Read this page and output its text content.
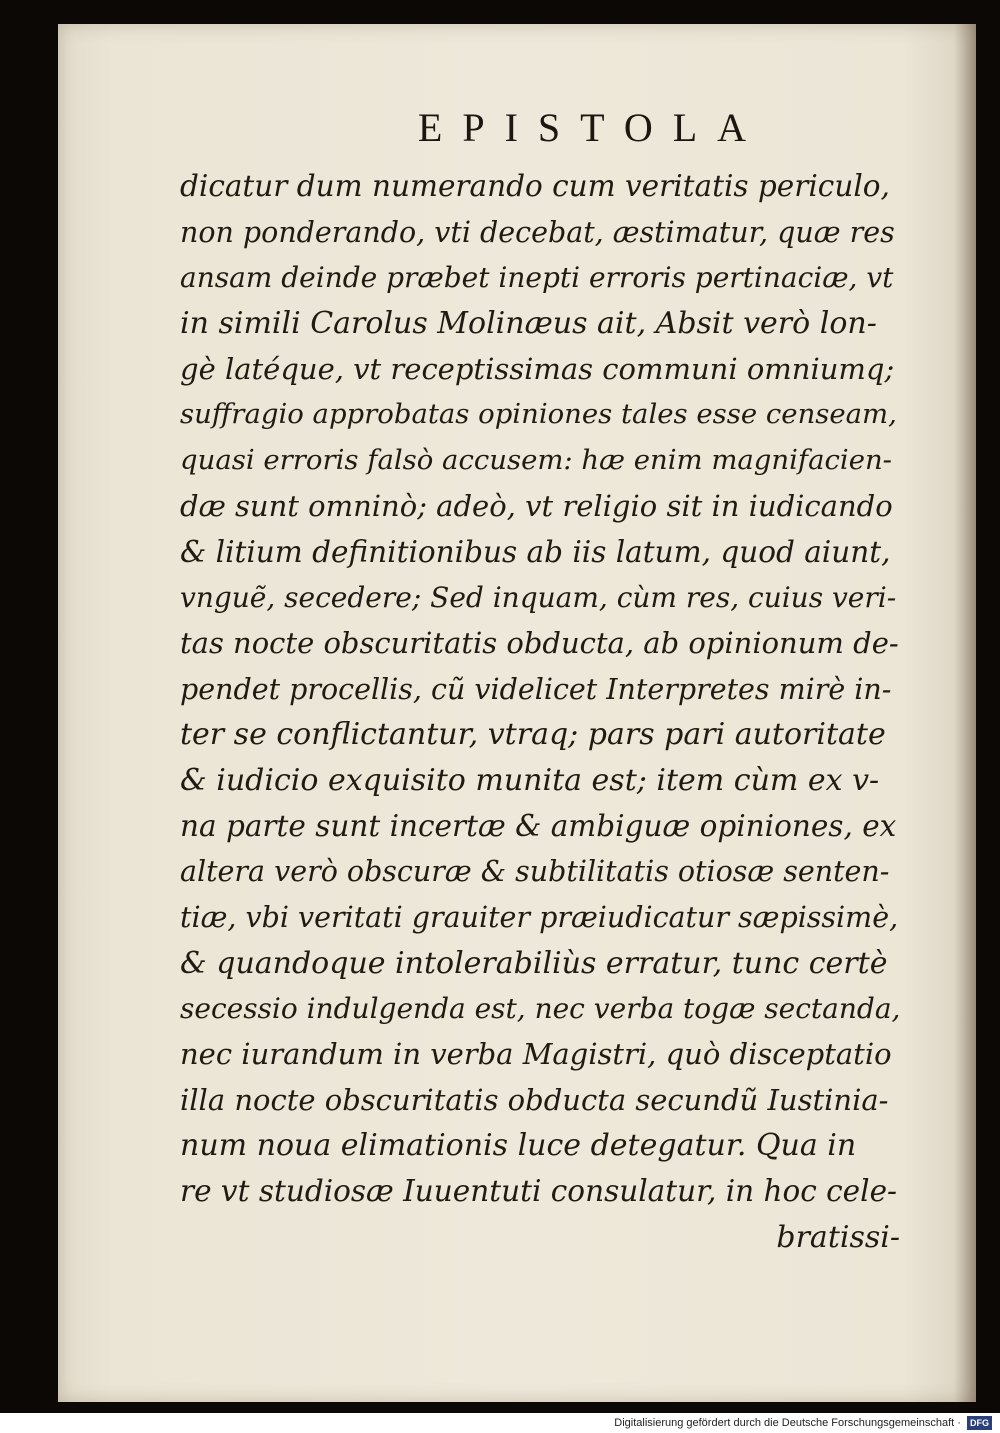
EPISTOLA
dicatur dum numerando cum veritatis periculo,
non ponderando, vti decebat, æstimatur, quæ res
ansam deinde præbet inepti erroris pertinaciæ, vt
in simili Carolus Molinæus ait, Absit verò lon-
gè latéque, vt receptissimas communi omniumq;
suffragio approbatas opiniones tales esse censeam,
quasi erroris falsò accusem: hæ enim magnifacien-
dæ sunt omninò; adeò, vt religio sit in iudicando
& litium definitionibus ab iis latum, quod aiunt,
vnguẽ, secedere; Sed inquam, cùm res, cuius veri-
tas nocte obscuritatis obducta, ab opinionum de-
pendet procellis, cũ videlicet Interpretes mirè in-
ter se conflictantur, vtraq; pars pari autoritate
& iudicio exquisito munita est; item cùm ex v-
na parte sunt incertæ & ambiguæ opiniones, ex
altera verò obscuræ & subtilitatis otiosæ senten-
tiæ, vbi veritati grauiter præiudicatur sæpissimè,
& quandoque intolerabiliùs erratur, tunc certè
secessio indulgenda est, nec verba togæ sectanda,
nec iurandum in verba Magistri, quò disceptatio
illa nocte obscuritatis obducta secundũ Iustinia-
num noua elimationis luce detegatur. Qua in
re vt studiosæ Iuuentuti consulatur, in hoc cele-
bratissi-
Digitalisierung gefördert durch die Deutsche Forschungsgemeinschaft · DFG
